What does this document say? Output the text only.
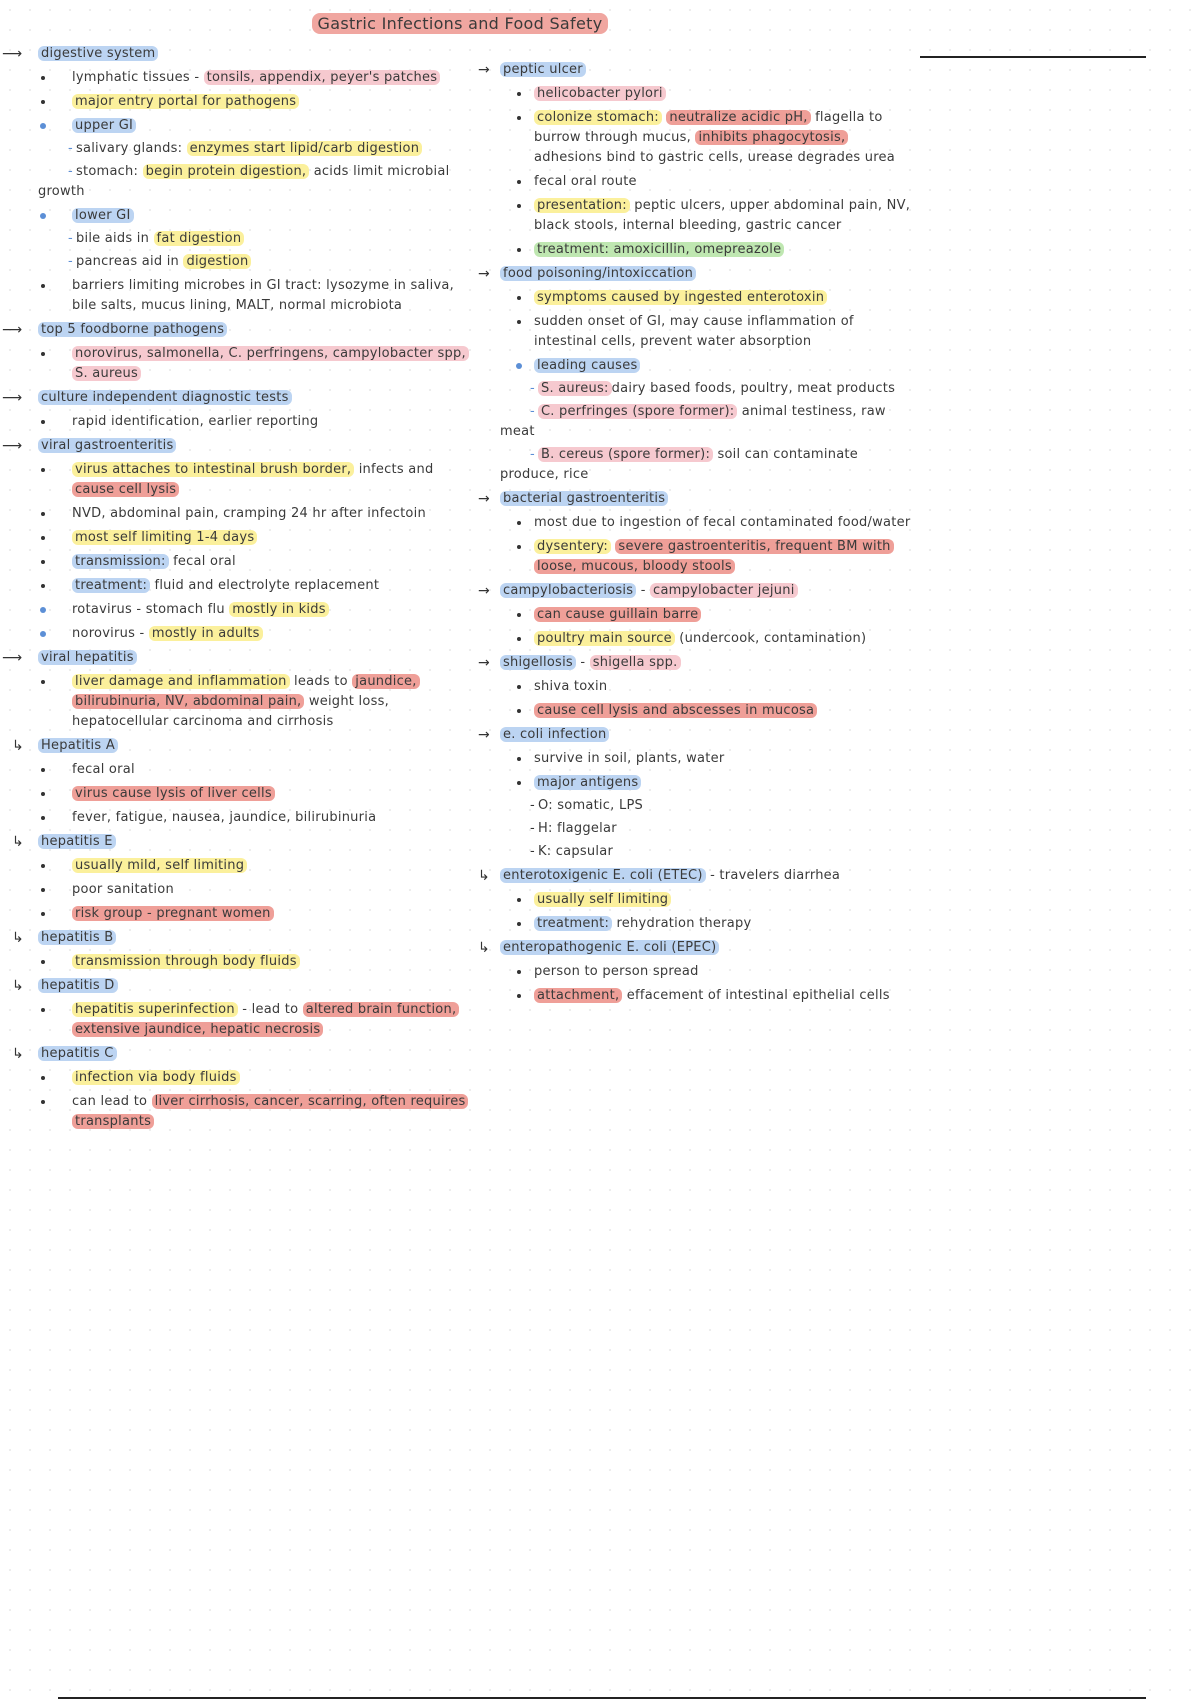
Gastric Infections and Food Safety
⟶ digestive system
lymphatic tissues - tonsils, appendix, peyer's patches
major entry portal for pathogens
upper GI
- salivary glands: enzymes start lipid/carb digestion
- stomach: begin protein digestion, acids limit microbial growth
lower GI
- bile aids in fat digestion
- pancreas aid in digestion
barriers limiting microbes in GI tract: lysozyme in saliva, bile salts, mucus lining, MALT, normal microbiota
⟶ top 5 foodborne pathogens
norovirus, salmonella, C. perfringens, campylobacter spp, S. aureus
⟶ culture independent diagnostic tests
rapid identification, earlier reporting
⟶ viral gastroenteritis
virus attaches to intestinal brush border, infects and cause cell lysis
NVD, abdominal pain, cramping 24 hr after infectoin
most self limiting 1-4 days
transmission: fecal oral
treatment: fluid and electrolyte replacement
rotavirus - stomach flu mostly in kids
norovirus - mostly in adults
⟶ viral hepatitis
liver damage and inflammation leads to jaundice, bilirubinuria, NV, abdominal pain, weight loss, hepatocellular carcinoma and cirrhosis
↳ Hepatitis A
fecal oral
virus cause lysis of liver cells
fever, fatigue, nausea, jaundice, bilirubinuria
↳ hepatitis E
usually mild, self limiting
poor sanitation
risk group - pregnant women
↳ hepatitis B
transmission through body fluids
↳ hepatitis D
hepatitis superinfection - lead to altered brain function, extensive jaundice, hepatic necrosis
↳ hepatitis C
infection via body fluids
can lead to liver cirrhosis, cancer, scarring, often requires transplants
→ peptic ulcer
helicobacter pylori
colonize stomach: neutralize acidic pH, flagella to burrow through mucus, inhibits phagocytosis, adhesions bind to gastric cells, urease degrades urea
fecal oral route
presentation: peptic ulcers, upper abdominal pain, NV, black stools, internal bleeding, gastric cancer
treatment: amoxicillin, omepreazole
→ food poisoning/intoxiccation
symptoms caused by ingested enterotoxin
sudden onset of GI, may cause inflammation of intestinal cells, prevent water absorption
leading causes
- S. aureus: dairy based foods, poultry, meat products
- C. perfringes (spore former): animal testiness, raw meat
- B. cereus (spore former): soil can contaminate produce, rice
→ bacterial gastroenteritis
most due to ingestion of fecal contaminated food/water
dysentery: severe gastroenteritis, frequent BM with loose, mucous, bloody stools
→ campylobacteriosis - campylobacter jejuni
can cause guillain barre
poultry main source (undercook, contamination)
→ shigellosis - shigella spp.
shiva toxin
cause cell lysis and abscesses in mucosa
→ e. coli infection
survive in soil, plants, water
major antigens
- O: somatic, LPS
- H: flaggelar
- K: capsular
↳ enterotoxigenic E. coli (ETEC) - travelers diarrhea
usually self limiting
treatment: rehydration therapy
↳ enteropathogenic E. coli (EPEC)
person to person spread
attachment, effacement of intestinal epithelial cells
